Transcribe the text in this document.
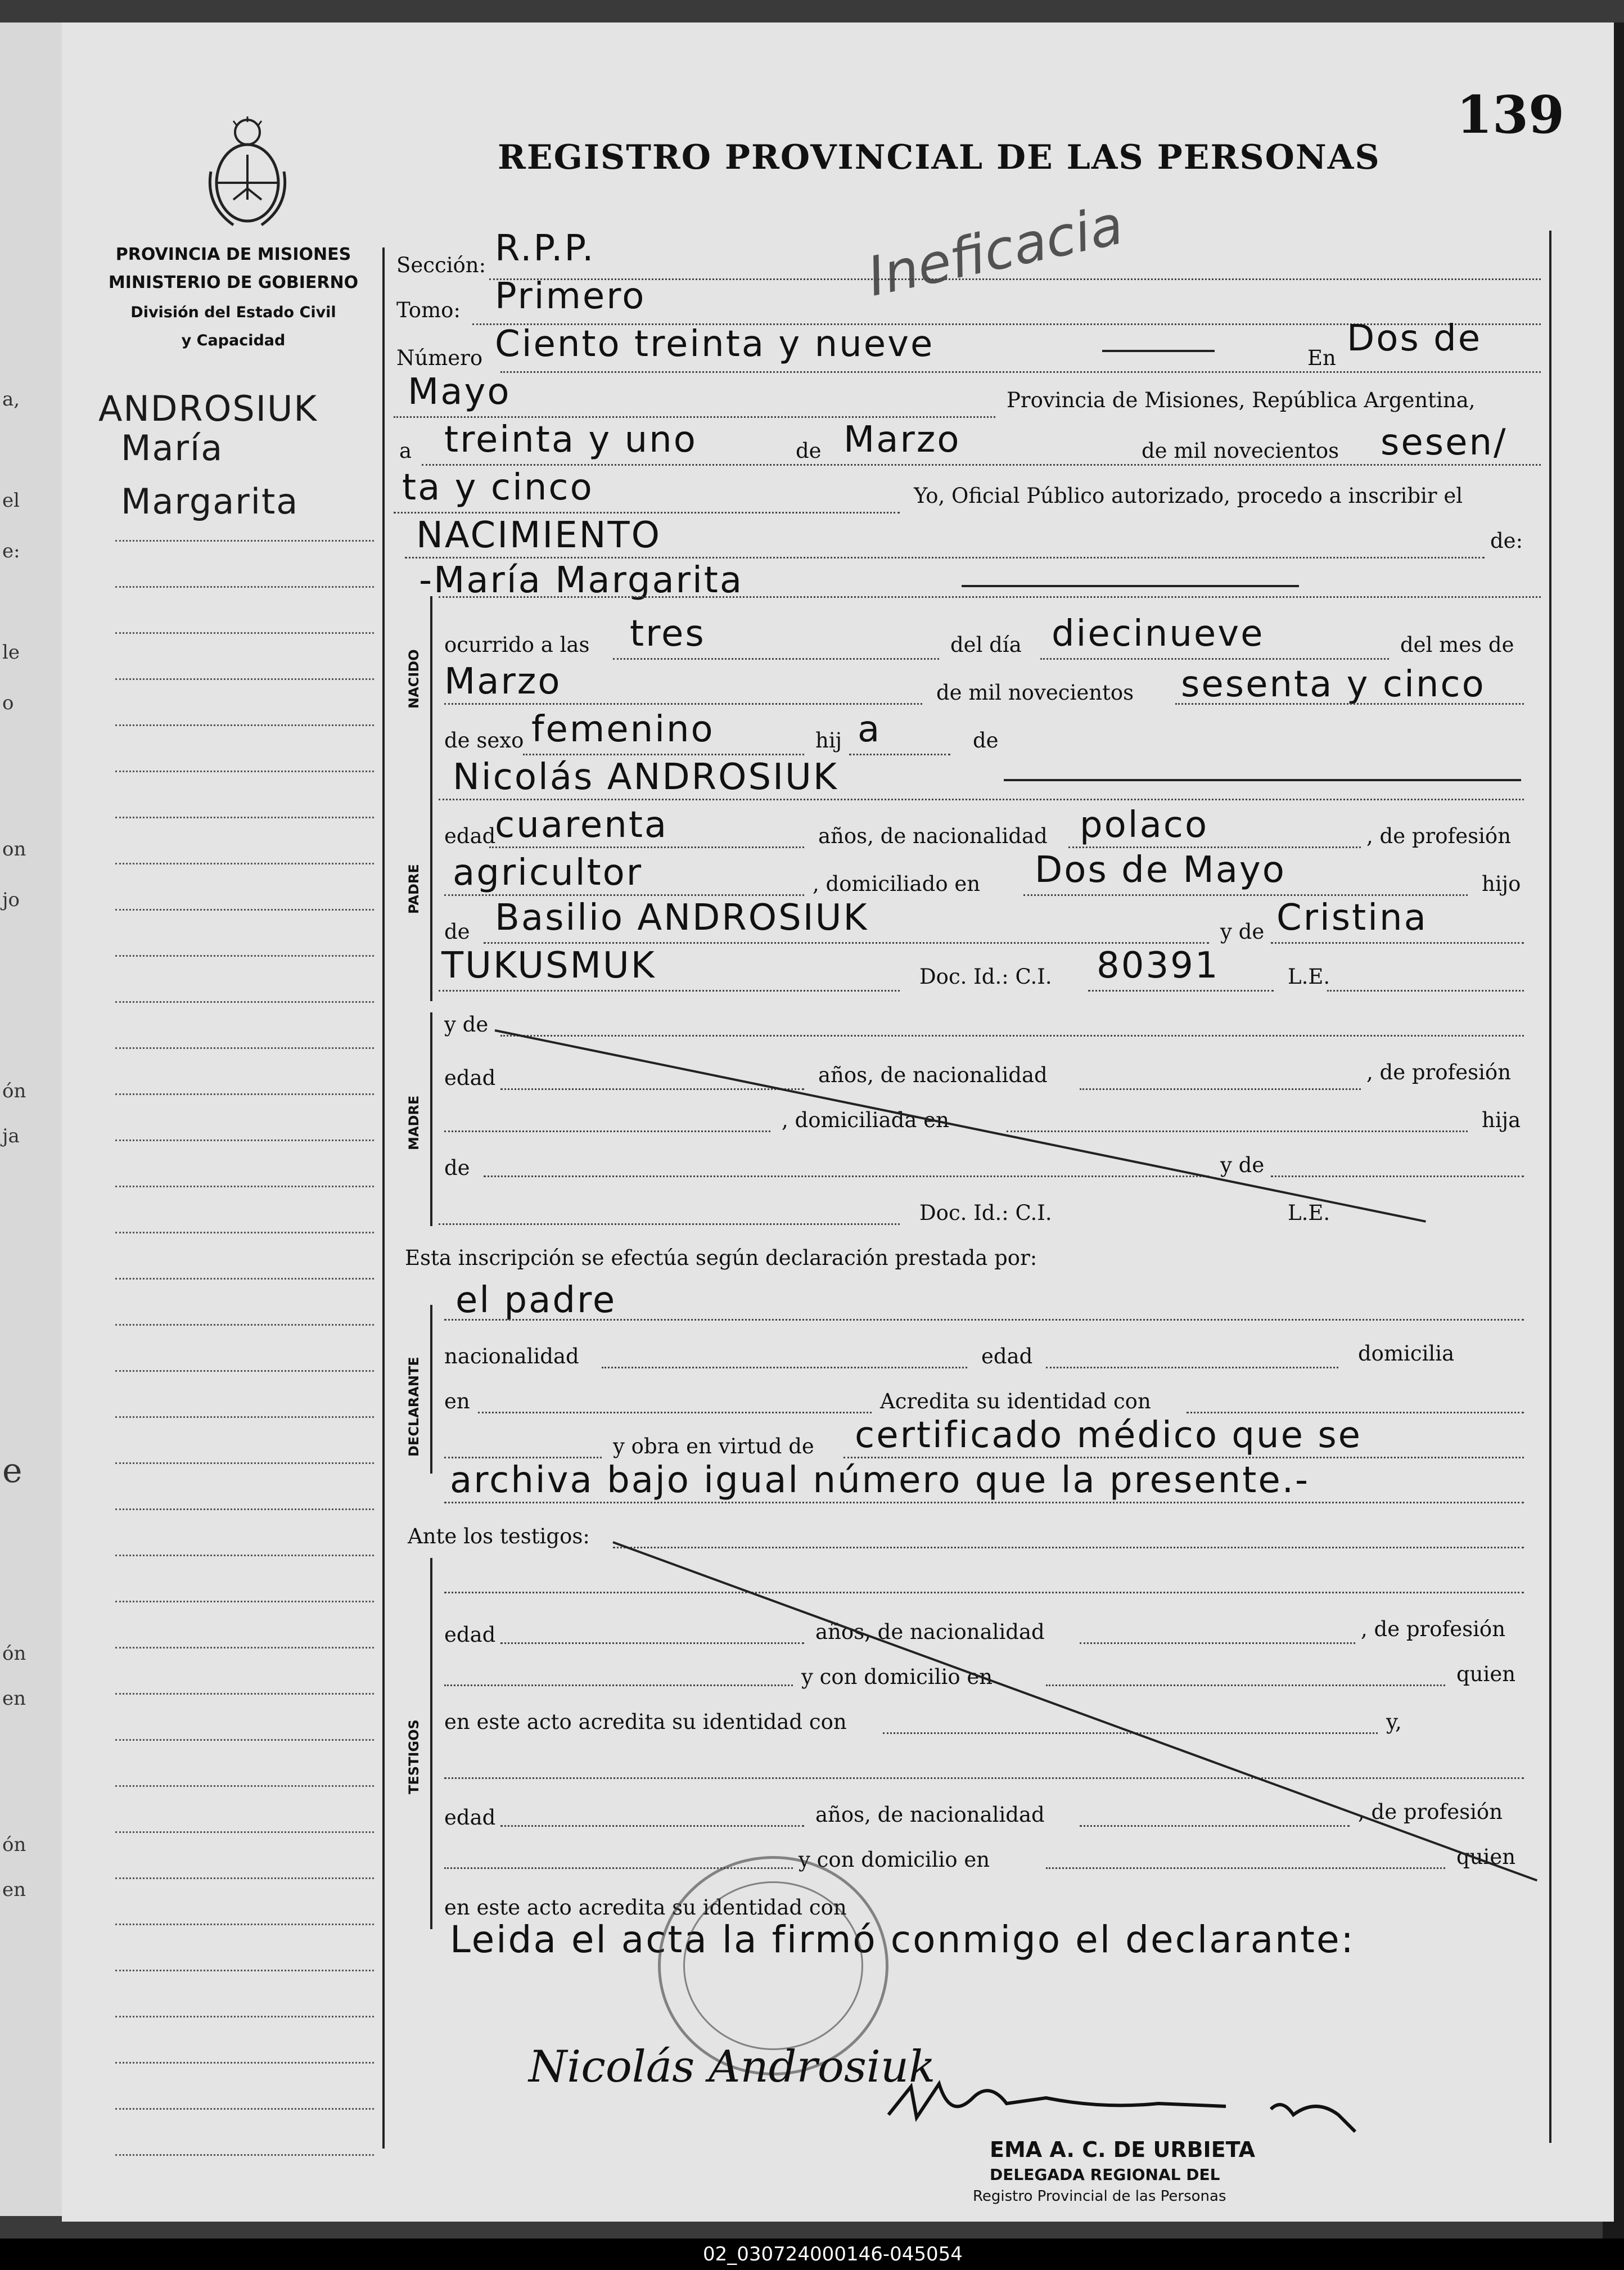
a,
el
e:
le
o
on
jo
ón
ja
e
ón
en
ón
en
139
REGISTRO PROVINCIAL DE LAS PERSONAS
Ineficacia
PROVINCIA DE MISIONES
MINISTERIO DE GOBIERNO
División del Estado Civil
y Capacidad
ANDROSIUK
María
Margarita
NACIDO
PADRE
MADRE
DECLARANTE
TESTIGOS
Sección: R.P.P.
Tomo: Primero
Número Ciento treinta y nueve	En Dos de
Mayo	Provincia de Misiones, República Argentina,
a treinta y uno	de Marzo	de mil novecientos sesen/
ta y cinco	Yo, Oficial Público autorizado, procedo a inscribir el
NACIMIENTO	de:
-María Margarita
ocurrido a las tres	del día diecinueve	del mes de
Marzo	de mil novecientos sesenta y cinco
de sexo femenino	hij a	de
Nicolás ANDROSIUK
edad
cuarenta	años, de nacionalidad polaco	, de profesión
agricultor	, domiciliado en Dos de Mayo	hijo
de Basilio ANDROSIUK	y de Cristina
TUKUSMUK	Doc. Id.: C.I. 80391	L.E.
y de
edad	años, de nacionalidad	, de profesión
, domiciliada en	hija
de	y de
Doc. Id.: C.I.	L.E.
Esta inscripción se efectúa según declaración prestada por:
el padre
nacionalidad	edad	domicilia
en	Acredita su identidad con
y obra en virtud de certificado médico que se
archiva bajo igual número que la presente.-
Ante los testigos:
edad	años, de nacionalidad	, de profesión
y con domicilio en	quien
en este acto acredita su identidad con	y,
edad	años, de nacionalidad	, de profesión
y con domicilio en	quien
en este acto acredita su identidad con
Leida el acta la firmó conmigo el declarante:
Nicolás Androsiuk
EMA A. C. DE URBIETA
DELEGADA REGIONAL DEL
Registro Provincial de las Personas
02_030724000146-045054
